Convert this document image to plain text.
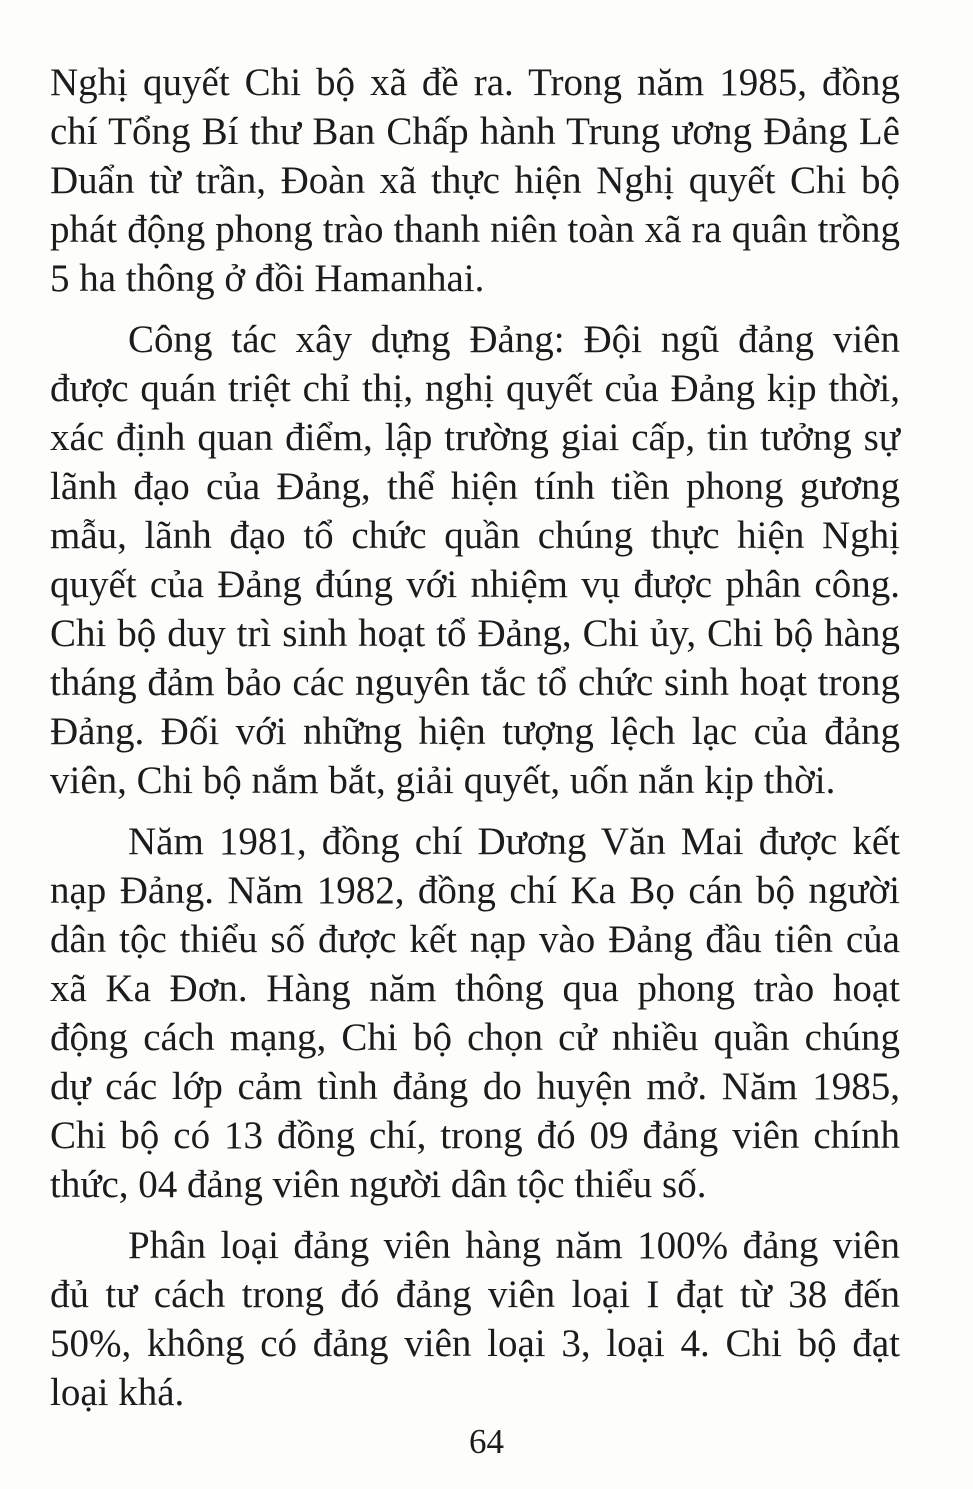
Nghị quyết Chi bộ xã đề ra. Trong năm 1985, đồng chí Tổng Bí thư Ban Chấp hành Trung ương Đảng Lê Duẩn từ trần, Đoàn xã thực hiện Nghị quyết Chi bộ phát động phong trào thanh niên toàn xã ra quân trồng 5 ha thông ở đồi Hamanhai.

Công tác xây dựng Đảng: Đội ngũ đảng viên được quán triệt chỉ thị, nghị quyết của Đảng kịp thời, xác định quan điểm, lập trường giai cấp, tin tưởng sự lãnh đạo của Đảng, thể hiện tính tiền phong gương mẫu, lãnh đạo tổ chức quần chúng thực hiện Nghị quyết của Đảng đúng với nhiệm vụ được phân công. Chi bộ duy trì sinh hoạt tổ Đảng, Chi ủy, Chi bộ hàng tháng đảm bảo các nguyên tắc tổ chức sinh hoạt trong Đảng. Đối với những hiện tượng lệch lạc của đảng viên, Chi bộ nắm bắt, giải quyết, uốn nắn kịp thời.

Năm 1981, đồng chí Dương Văn Mai được kết nạp Đảng. Năm 1982, đồng chí Ka Bọ cán bộ người dân tộc thiểu số được kết nạp vào Đảng đầu tiên của xã Ka Đơn. Hàng năm thông qua phong trào hoạt động cách mạng, Chi bộ chọn cử nhiều quần chúng dự các lớp cảm tình đảng do huyện mở. Năm 1985, Chi bộ có 13 đồng chí, trong đó 09 đảng viên chính thức, 04 đảng viên người dân tộc thiểu số.

Phân loại đảng viên hàng năm 100% đảng viên đủ tư cách trong đó đảng viên loại I đạt từ 38 đến 50%, không có đảng viên loại 3, loại 4. Chi bộ đạt loại khá.

64
